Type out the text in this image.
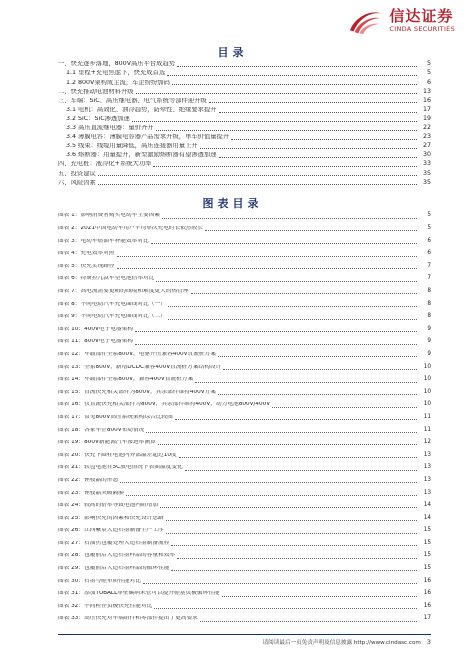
信达证券
CINDA SECURITIES
目录
一、快充逐步落地，800V高压平台成趋势	5
1.1 里程+充电焦虑下，快充成首选	5
1.2 800V架构成主流，车企纷纷加码	6
二、快充推动电池材料升级	13
三、车端：SiC、高压继电器、电气系统等部件迎升级	16
3.1 电机：高效化、油冷趋势，防晕性、绝缘要求提升	17
3.2 SiC：SiC渗透加速	19
3.3 高压直流继电器：量价齐升	22
3.4 薄膜电容：薄膜电容器产品需求升级，单车价值量提升	23
3.5 线束：线缆用量降低，高压连接器用量上升	27
3.6 熔断器：用量提升，新型激励熔断器有望渗透加速	30
四、充电桩：液冷化+系统大功率	33
五、投资建议	35
六、风险因素	35
图表目录
图表 1：影响消费者购买电动车主要因素	5
图表 2：2021中国电动车用户平均单次充电时长依然较长	5
图表 3：电动车燃油车补能效率对比	6
图表 4：充电效率对照	6
图表 5：快充实现路径	7
图表 6：特斯拉几款车型电池倍率对比	7
图表 7：高电流需要更粗的线缆和难度更大的热管理	8
图表 8：不同电动汽车充电曲线对比（一）	8
图表 9：不同电动汽车充电曲线对比（二）	8
图表 10：400V电子电器架构	9
图表 11：800V电子电器架构	9
图表 12：车载部件全系800V，电驱升压兼容400V直流桩方案	9
图表 13：全系800V，新增DCDC兼容400V直流桩方案结构设计	10
图表 14：车载部件全系800V，兼容400V直流桩方案	10
图表 15：直流快充相关部件为800V，其余部件维持400V方案	10
图表 16：仅直流快充相关部件为800V，其余部件维持400V，动力电池800V/400V	10
图表 17：常见800V高压系统架构综合比较图	11
图表 18：各家车企800V布局情况	11
图表 19：800V新能源汽车渗透率测算	12
图表 20：快充下圆柱电池内外部温差超过10度	13
图表 21：软包电池在5C放电情况下表面温度变化	13
图表 22：锂枝晶的形态	13
图表 23：锂枝晶突破隔膜	13
图表 24：较高的倍率导致电池内阻增加	14
图表 25：影响快充的因素和快充设计思路	14
图表 26：江西紫宸人造石墨制备生产工序	15
图表 27：石油焦包覆处理人造石墨制备流程	15
图表 28：包覆前后人造石墨样品的容量和效率	15
图表 29：包覆前后人造石墨样品的循环性能	15
图表 30：石墨与硅单质性能对比	16
图表 31：添加TUBALL单壁碳纳米管可以提升硅基负极循环性能	16
图表 32：不同粒径负极快充性能对比	16
图表 33：高压快充对车端组件和零部件提出了更高要求	17
请阅读最后一页免责声明及信息披露 http://www.cindasc.com 3
